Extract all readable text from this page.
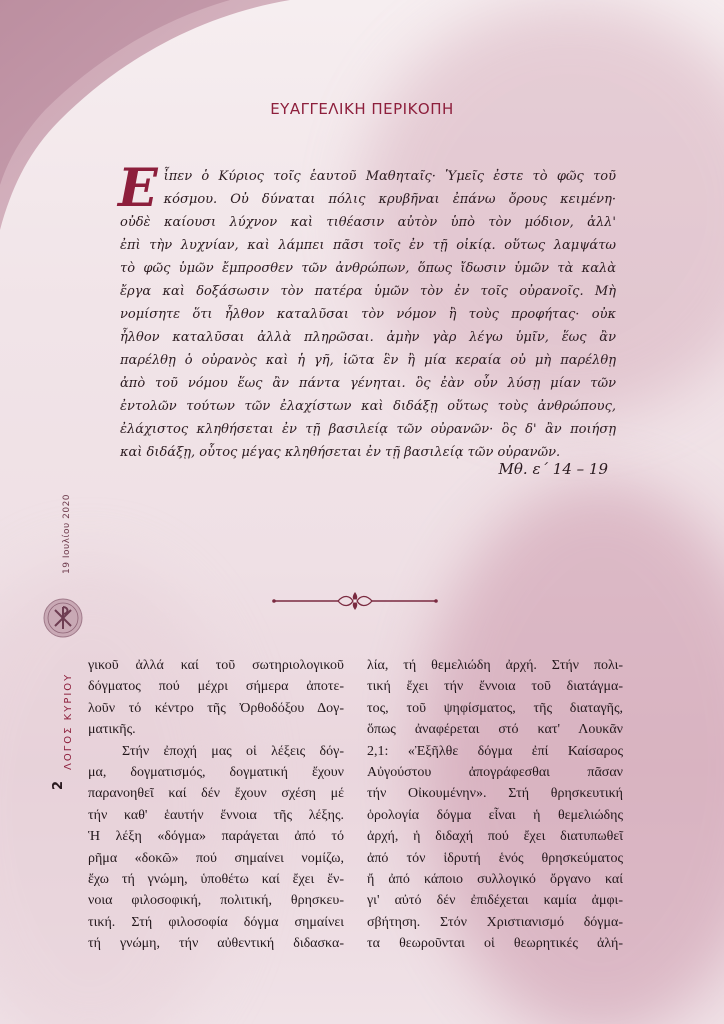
ΕΥΑΓΓΕΛΙΚΗ ΠΕΡΙΚΟΠΗ
Ε ἶπεν ὁ Κύριος τοῖς ἑαυτοῦ Μαθηταῖς· Ὑμεῖς ἐστε τὸ φῶς τοῦ
κόσμου. Οὐ δύναται πόλις κρυβῆναι ἐπάνω ὄρους κειμένη·
οὐδὲ καίουσι λύχνον καὶ τιθέασιν αὐτὸν ὑπὸ τὸν μόδιον, ἀλλ'
ἐπὶ τὴν λυχνίαν, καὶ λάμπει πᾶσι τοῖς ἐν τῇ οἰκίᾳ. οὕτως λαμψάτω
τὸ φῶς ὑμῶν ἔμπροσθεν τῶν ἀνθρώπων, ὅπως ἴδωσιν ὑμῶν τὰ καλὰ
ἔργα καὶ δοξάσωσιν τὸν πατέρα ὑμῶν τὸν ἐν τοῖς οὐρανοῖς. Μὴ
νομίσητε ὅτι ἦλθον καταλῦσαι τὸν νόμον ἢ τοὺς προφήτας· οὐκ
ἦλθον καταλῦσαι ἀλλὰ πληρῶσαι. ἀμὴν γὰρ λέγω ὑμῖν, ἕως ἂν
παρέλθῃ ὁ οὐρανὸς καὶ ἡ γῆ, ἰῶτα ἓν ἢ μία κεραία οὐ μὴ παρέλθῃ
ἀπὸ τοῦ νόμου ἕως ἂν πάντα γένηται. ὃς ἐὰν οὖν λύσῃ μίαν τῶν
ἐντολῶν τούτων τῶν ἐλαχίστων καὶ διδάξῃ οὕτως τοὺς ἀνθρώπους,
ἐλάχιστος κληθήσεται ἐν τῇ βασιλείᾳ τῶν οὐρανῶν· ὃς δ' ἂν ποιήσῃ
καὶ διδάξῃ, οὗτος μέγας κληθήσεται ἐν τῇ βασιλείᾳ τῶν οὐρανῶν.
Μθ. ε΄ 14 – 19
19 Ιουλίου 2020
ΛΟΓΟΣ ΚΥΡΙΟΥ
2
γικοῦ ἀλλά καί τοῦ σωτηριολογικοῦ
δόγματος πού μέχρι σήμερα ἀποτε-
λοῦν τό κέντρο τῆς Ὀρθοδόξου Δογ-
ματικῆς.
Στήν ἐποχή μας οἱ λέξεις δόγ-
μα, δογματισμός, δογματική ἔχουν
παρανοηθεῖ καί δέν ἔχουν σχέση μέ
τήν καθ' ἑαυτήν ἔννοια τῆς λέξης.
Ἡ λέξη «δόγμα» παράγεται ἀπό τό
ρῆμα «δοκῶ» πού σημαίνει νομίζω,
ἔχω τή γνώμη, ὑποθέτω καί ἔχει ἔν-
νοια φιλοσοφική, πολιτική, θρησκευ-
τική. Στή φιλοσοφία δόγμα σημαίνει
τή γνώμη, τήν αὐθεντική διδασκα-
λία, τή θεμελιώδη ἀρχή. Στήν πολι-
τική ἔχει τήν ἔννοια τοῦ διατάγμα-
τος, τοῦ ψηφίσματος, τῆς διαταγῆς,
ὅπως ἀναφέρεται στό κατ' Λουκᾶν
2,1: «Ἐξῆλθε δόγμα ἐπί Καίσαρος
Αὐγούστου ἀπογράφεσθαι πᾶσαν
τήν Οἰκουμένην». Στή θρησκευτική
ὁρολογία δόγμα εἶναι ἡ θεμελιώδης
ἀρχή, ἡ διδαχή πού ἔχει διατυπωθεῖ
ἀπό τόν ἱδρυτή ἑνός θρησκεύματος
ἤ ἀπό κάποιο συλλογικό ὄργανο καί
γι' αὐτό δέν ἐπιδέχεται καμία ἀμφι-
σβήτηση. Στόν Χριστιανισμό δόγμα-
τα θεωροῦνται οἱ θεωρητικές ἀλή-
